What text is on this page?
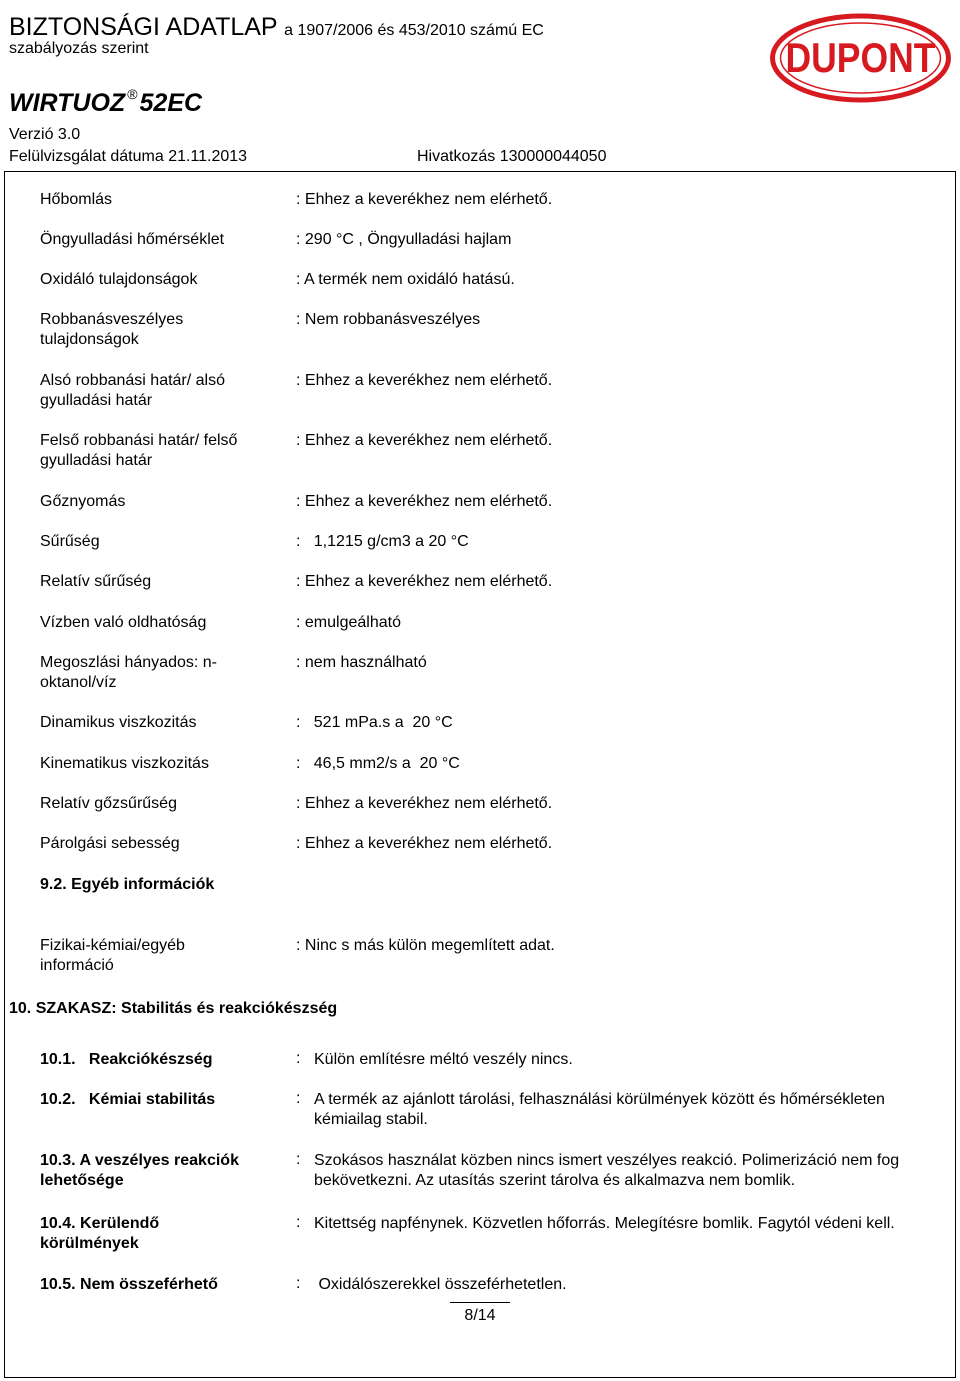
BIZTONSÁGI ADATLAP a 1907/2006 és 453/2010 számú EC
szabályozás szerint
WIRTUOZ ®52EC
Verzió 3.0
Felülvizsgálat dátuma 21.11.2013	Hivatkozás 130000044050
DUPONT
Hőbomlás	: Ehhez a keverékhez nem elérhető.
Öngyulladási hőmérséklet	: 290 °C , Öngyulladási hajlam
Oxidáló tulajdonságok	: A termék nem oxidáló hatású.
Robbanásveszélyes tulajdonságok
: Nem robbanásveszélyes
Alsó robbanási határ/ alsó gyulladási határ
: Ehhez a keverékhez nem elérhető.
Felső robbanási határ/ felső gyulladási határ
: Ehhez a keverékhez nem elérhető.
Gőznyomás	: Ehhez a keverékhez nem elérhető.
Sűrűség	:   1,1215 g/cm3 a 20 °C
Relatív sűrűség	: Ehhez a keverékhez nem elérhető.
Vízben való oldhatóság	: emulgeálható
Megoszlási hányados: n-oktanol/víz
: nem használható
Dinamikus viszkozitás	:   521 mPa.s a  20 °C
Kinematikus viszkozitás	:   46,5 mm2/s a  20 °C
Relatív gőzsűrűség	: Ehhez a keverékhez nem elérhető.
Párolgási sebesség	: Ehhez a keverékhez nem elérhető.
9.2. Egyéb információk
Fizikai-kémiai/egyéb információ
: Ninc s más külön megemlített adat.
10. SZAKASZ: Stabilitás és reakciókészség
10.1.   Reakciókészség	: Külön említésre méltó veszély nincs.
10.2.   Kémiai stabilitás	: A termék az ajánlott tárolási, felhasználási körülmények között és hőmérsékleten kémiailag stabil.
10.3. A veszélyes reakciók lehetősége
: Szokásos használat közben nincs ismert veszélyes reakció. Polimerizáció nem fog bekövetkezni. Az utasítás szerint tárolva és alkalmazva nem bomlik.
10.4. Kerülendő körülmények
: Kitettség napfénynek. Közvetlen hőforrás. Melegítésre bomlik. Fagytól védeni kell.
10.5. Nem összeférhető	: Oxidálószerekkel összeférhetetlen.
8/14
